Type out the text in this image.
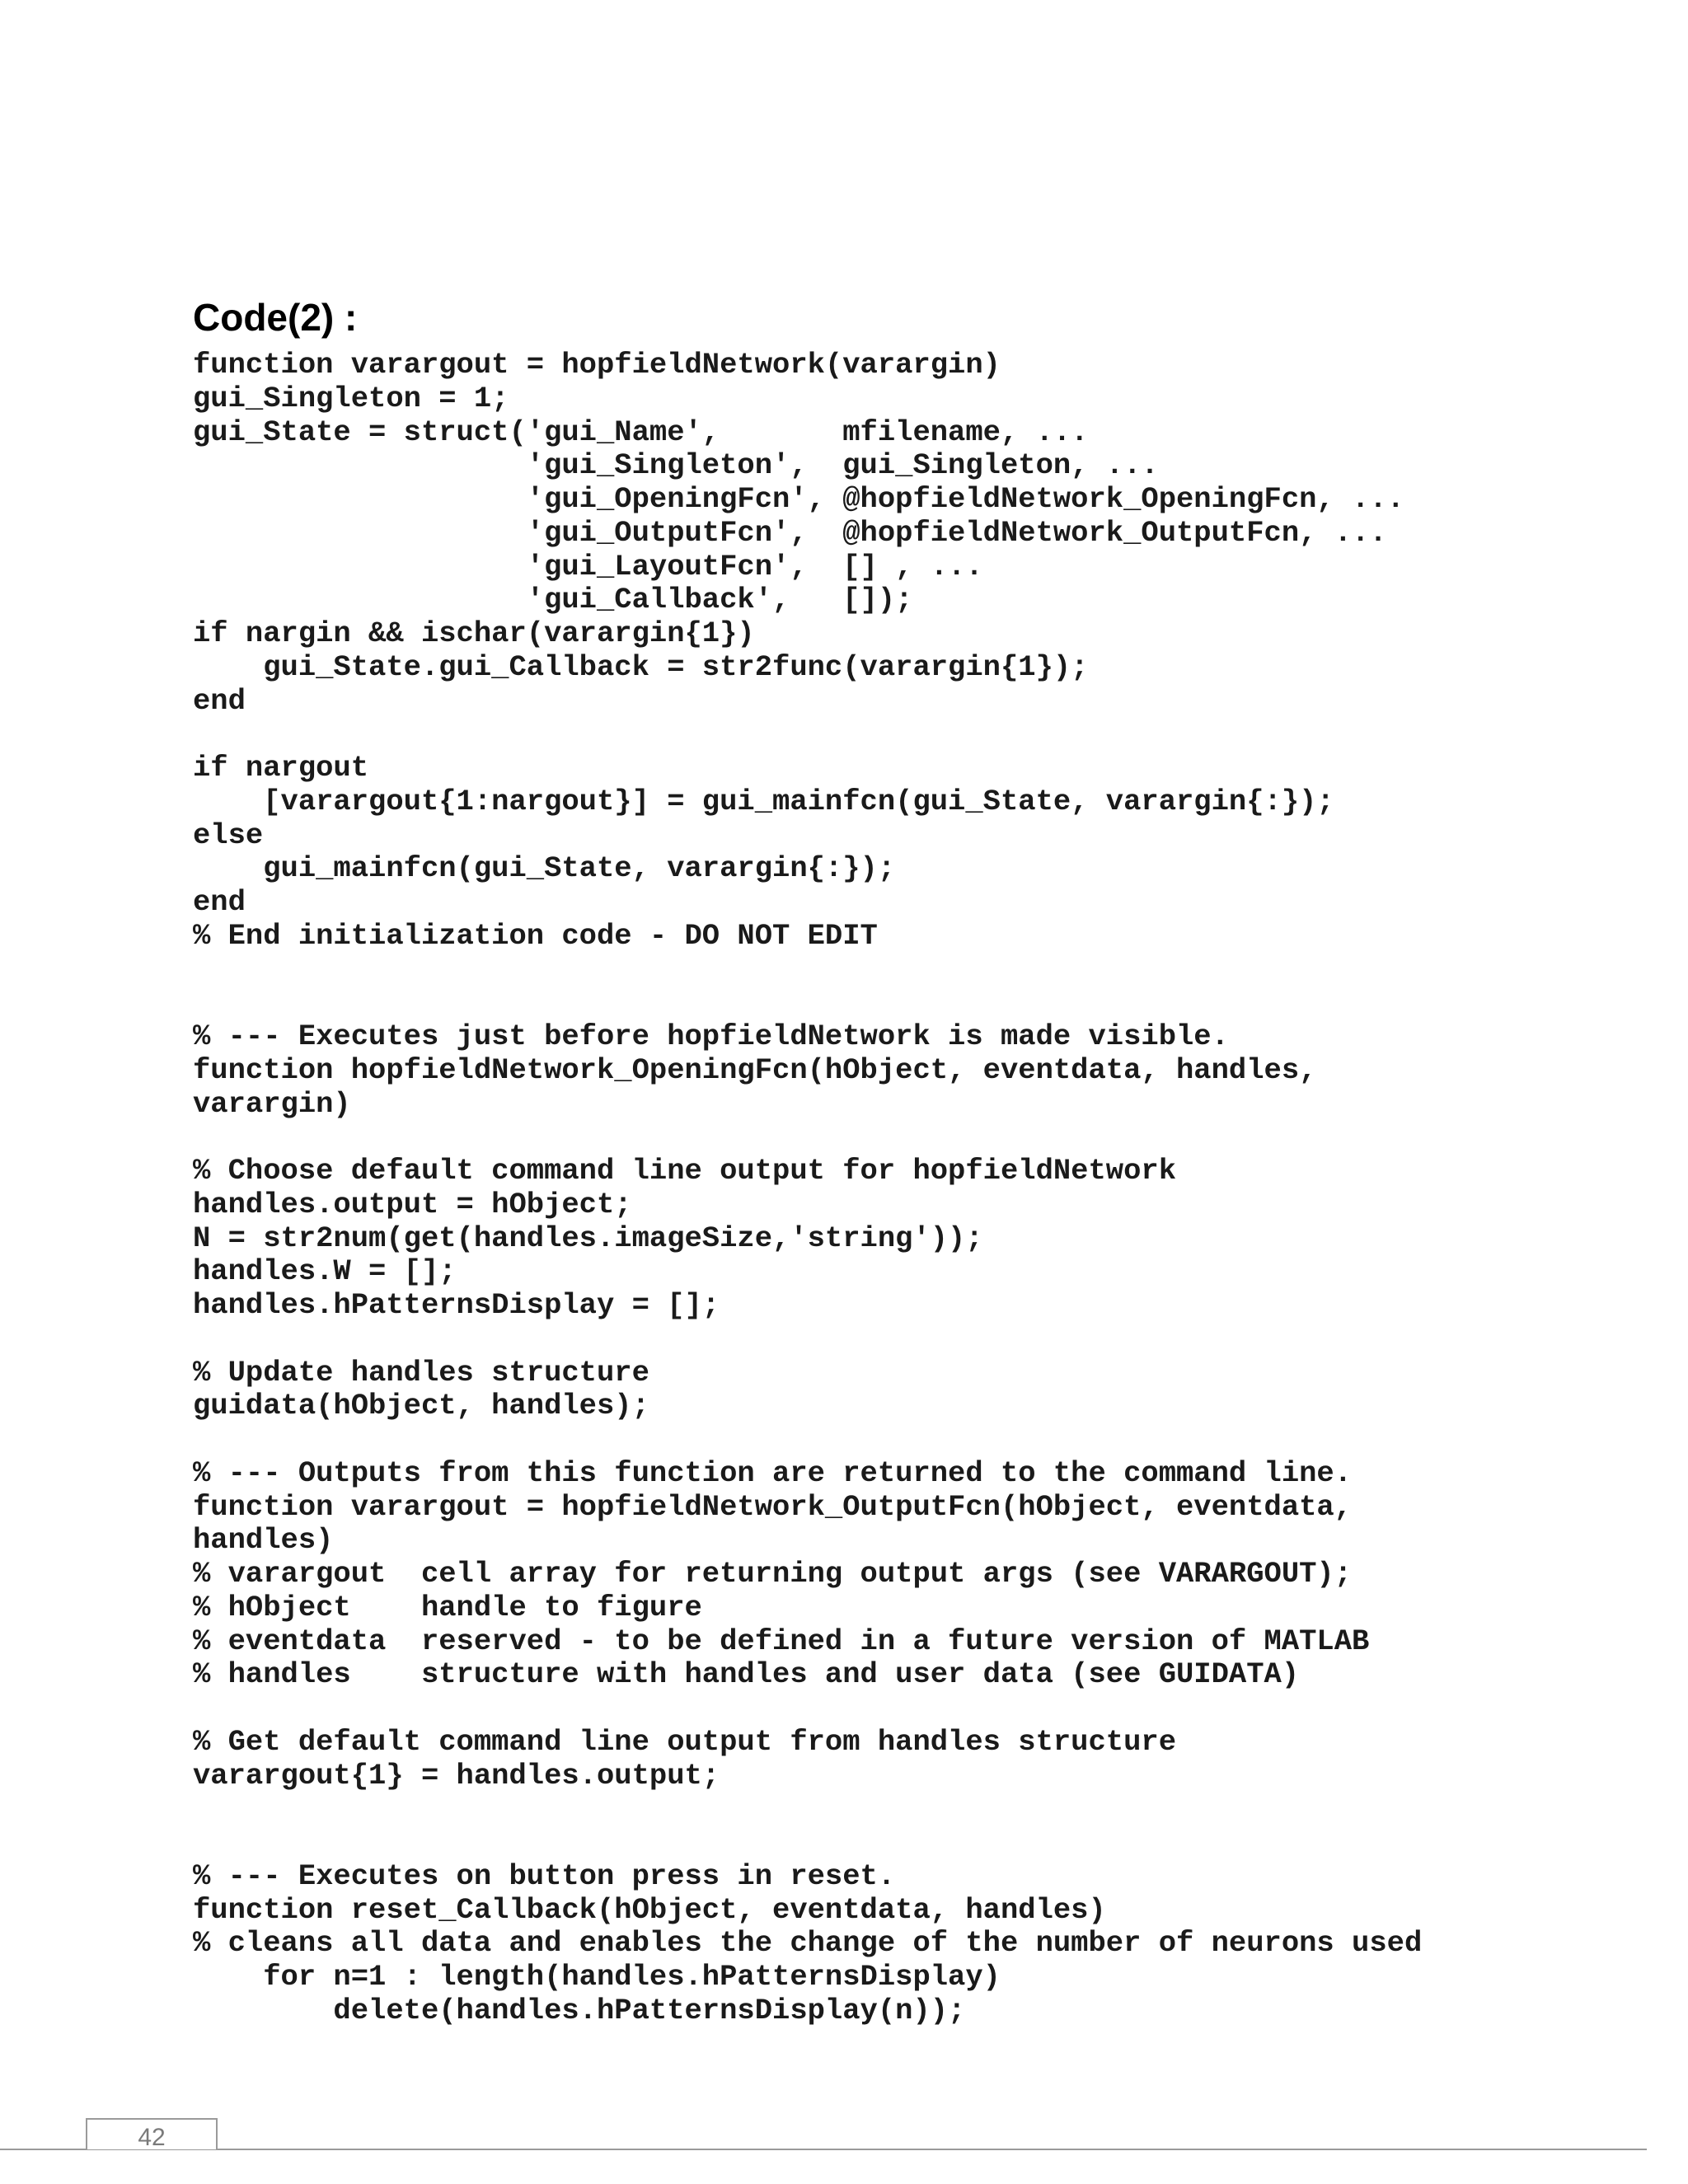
Code(2) :
function varargout = hopfieldNetwork(varargin)
gui_Singleton = 1;
gui_State = struct('gui_Name',       mfilename, ...
'gui_Singleton',  gui_Singleton, ...
'gui_OpeningFcn', @hopfieldNetwork_OpeningFcn, ...
'gui_OutputFcn',  @hopfieldNetwork_OutputFcn, ...
'gui_LayoutFcn',  [] , ...
'gui_Callback',   []);
if nargin && ischar(varargin{1})
gui_State.gui_Callback = str2func(varargin{1});
end

if nargout
[varargout{1:nargout}] = gui_mainfcn(gui_State, varargin{:});
else
gui_mainfcn(gui_State, varargin{:});
end
% End initialization code - DO NOT EDIT

% --- Executes just before hopfieldNetwork is made visible.
function hopfieldNetwork_OpeningFcn(hObject, eventdata, handles,
varargin)

% Choose default command line output for hopfieldNetwork
handles.output = hObject;
N = str2num(get(handles.imageSize,'string'));
handles.W = [];
handles.hPatternsDisplay = [];

% Update handles structure
guidata(hObject, handles);

% --- Outputs from this function are returned to the command line.
function varargout = hopfieldNetwork_OutputFcn(hObject, eventdata,
handles)
% varargout  cell array for returning output args (see VARARGOUT);
% hObject    handle to figure
% eventdata  reserved - to be defined in a future version of MATLAB
% handles    structure with handles and user data (see GUIDATA)

% Get default command line output from handles structure
varargout{1} = handles.output;

% --- Executes on button press in reset.
function reset_Callback(hObject, eventdata, handles)
% cleans all data and enables the change of the number of neurons used
for n=1 : length(handles.hPatternsDisplay)
delete(handles.hPatternsDisplay(n));
42
